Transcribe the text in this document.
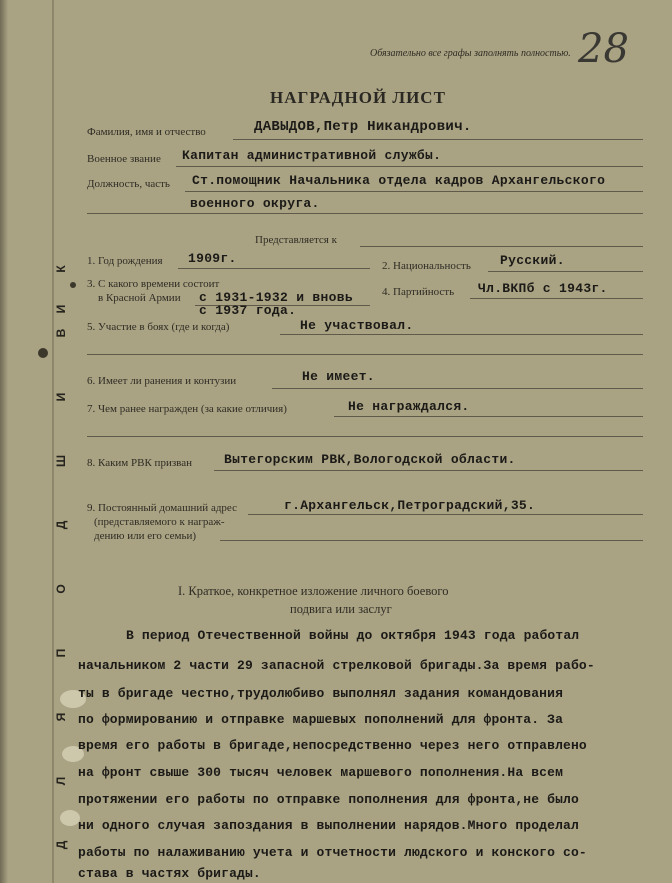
Обязательно все графы заполнять полностью. 28
НАГРАДНОЙ ЛИСТ
Д
Л
Я
П
О
Д
Ш
И
В
К
И
Фамилия, имя и отчество	ДАВЫДОВ,Петр Никандрович.
Военное звание Капитан административной службы.
Должность, часть Ст.помощник Начальника отдела кадров Архангельского
военного округа.
Представляется к
1. Год рождения 1909г.	2. Национальность Русский.
3. С какого времени состоит
в Красной Армии с 1931-1932 и вновь
с 1937 года.
4. Партийность Чл.ВКПб с 1943г.
5. Участие в боях (где и когда)	Не участвовал.
6. Имеет ли ранения и контузии	Не имеет.
7. Чем ранее награжден (за какие отличия)	Не награждался.
8. Каким РВК призван Вытегорским РВК,Вологодской области.
9. Постоянный домашний адрес
(представляемого к награж-
дению или его семьи)
г.Архангельск,Петроградский,35.
I. Краткое, конкретное изложение личного боевого
подвига или заслуг
В период Отечественной войны до октября 1943 года работал
начальником 2 части 29 запасной стрелковой бригады.За время рабо-
ты в бригаде честно,трудолюбиво выполнял задания командования
по формированию и отправке маршевых пополнений для фронта. За
время его работы в бригаде,непосредственно через него отправлено
на фронт свыше 300 тысяч человек маршевого пополнения.На всем
протяжении его работы по отправке пополнения для фронта,не было
ни одного случая запоздания в выполнении нарядов.Много проделал
работы по налаживанию учета и отчетности людского и конского со-
става в частях бригады.
